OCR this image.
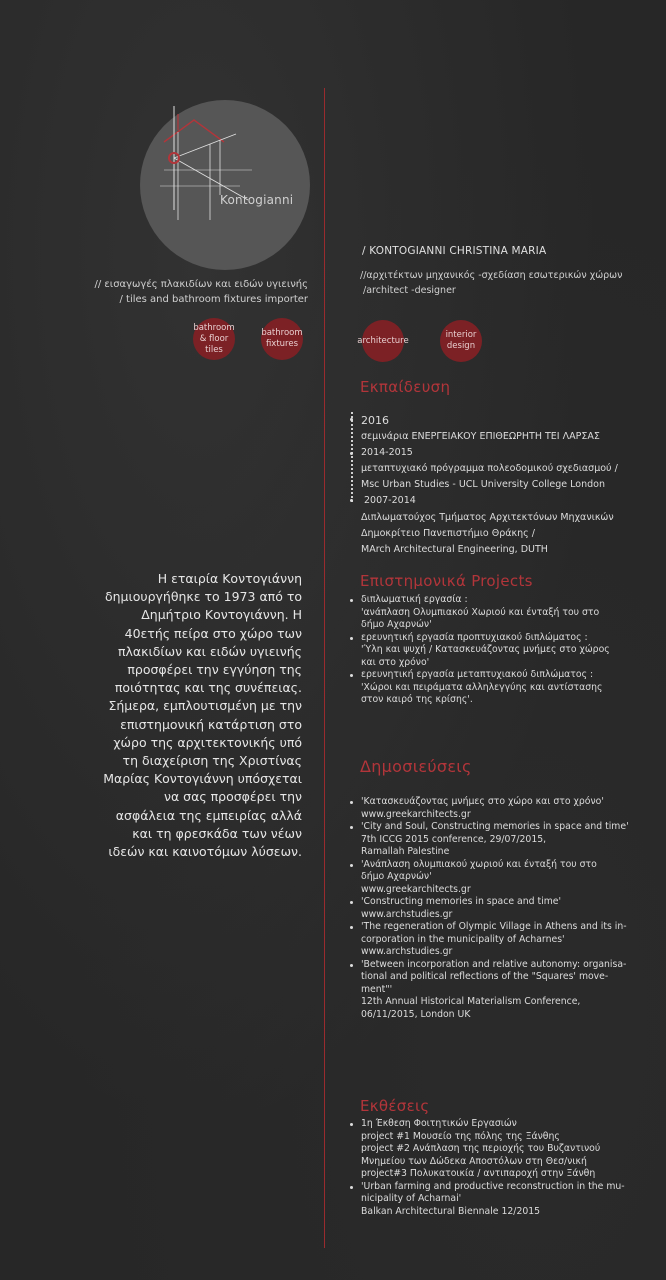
Kontogianni
// εισαγωγές πλακιδίων και ειδών υγιεινής
/ tiles and bathroom fixtures importer
bathroom
& floor tiles
bathroom
fixtures	architecture
interior
design
/ KONTOGIANNI CHRISTINA MARIA
//αρχιτέκτων μηχανικός -σχεδίαση εσωτερικών χώρων
/architect -designer
Εκπαίδευση
2016
σεμινάρια ΕΝΕΡΓΕΙΑΚΟΥ ΕΠΙΘΕΩΡΗΤΗ ΤΕΙ ΛΑΡΣΑΣ
2014-2015
μεταπτυχιακό πρόγραμμα πολεοδομικού σχεδιασμού /
Msc Urban Studies - UCL University College London
2007-2014
Διπλωματούχος Τμήματος Αρχιτεκτόνων Μηχανικών
Δημοκρίτειο Πανεπιστήμιο Θράκης /
MArch Architectural Engineering, DUTH
Επιστημονικά Projects
διπλωματική εργασία :
'ανάπλαση Ολυμπιακού Χωριού και ένταξή του στο
δήμο Αχαρνών'
ερευνητική εργασία προπτυχιακού διπλώματος :
'Ύλη και ψυχή / Κατασκευάζοντας μνήμες στο χώρος
και στο χρόνο'
ερευνητική εργασία μεταπτυχιακού διπλώματος :
'Χώροι και πειράματα αλληλεγγύης και αντίστασης
στον καιρό της κρίσης'.
Δημοσιεύσεις
'Κατασκευάζοντας μνήμες στο χώρο και στο χρόνο'
www.greekarchitects.gr
'City and Soul, Constructing memories in space and time'
7th ICCG 2015 conference, 29/07/2015,
Ramallah Palestine
'Ανάπλαση ολυμπιακού χωριού και ένταξή του στο
δήμο Αχαρνών'
www.greekarchitects.gr
'Constructing memories in space and time'
www.archstudies.gr
'The regeneration of Olympic Village in Athens and its in-
corporation in the municipality of Acharnes'
www.archstudies.gr
'Between incorporation and relative autonomy: organisa-
tional and political reflections of the "Squares' move-
ment"'
12th Annual Historical Materialism Conference,
06/11/2015, London UK
Εκθέσεις
1η Έκθεση Φοιτητικών Εργασιών
project #1 Μουσείο της πόλης της Ξάνθης
project #2 Ανάπλαση της περιοχής του Βυζαντινού
Μνημείου των Δώδεκα Αποστόλων στη Θεσ/νική
project#3 Πολυκατοικία / αντιπαροχή στην Ξάνθη
'Urban farming and productive reconstruction in the mu-
nicipality of Acharnai'
Balkan Architectural Biennale 12/2015
Η εταιρία Κοντογιάννη δημιουργήθηκε το 1973 από το Δημήτριο Κοντογιάννη. Η 40ετής πείρα στο χώρο των πλακιδίων και ειδών υγιεινής προσφέρει την εγγύηση της ποιότητας και της συνέπειας. Σήμερα, εμπλουτισμένη με την επιστημονική κατάρτιση στο χώρο της αρχιτεκτονικής υπό τη διαχείριση της Χριστίνας Μαρίας Κοντογιάννη υπόσχεται να σας προσφέρει την ασφάλεια της εμπειρίας αλλά και τη φρεσκάδα των νέων ιδεών και καινοτόμων λύσεων.
